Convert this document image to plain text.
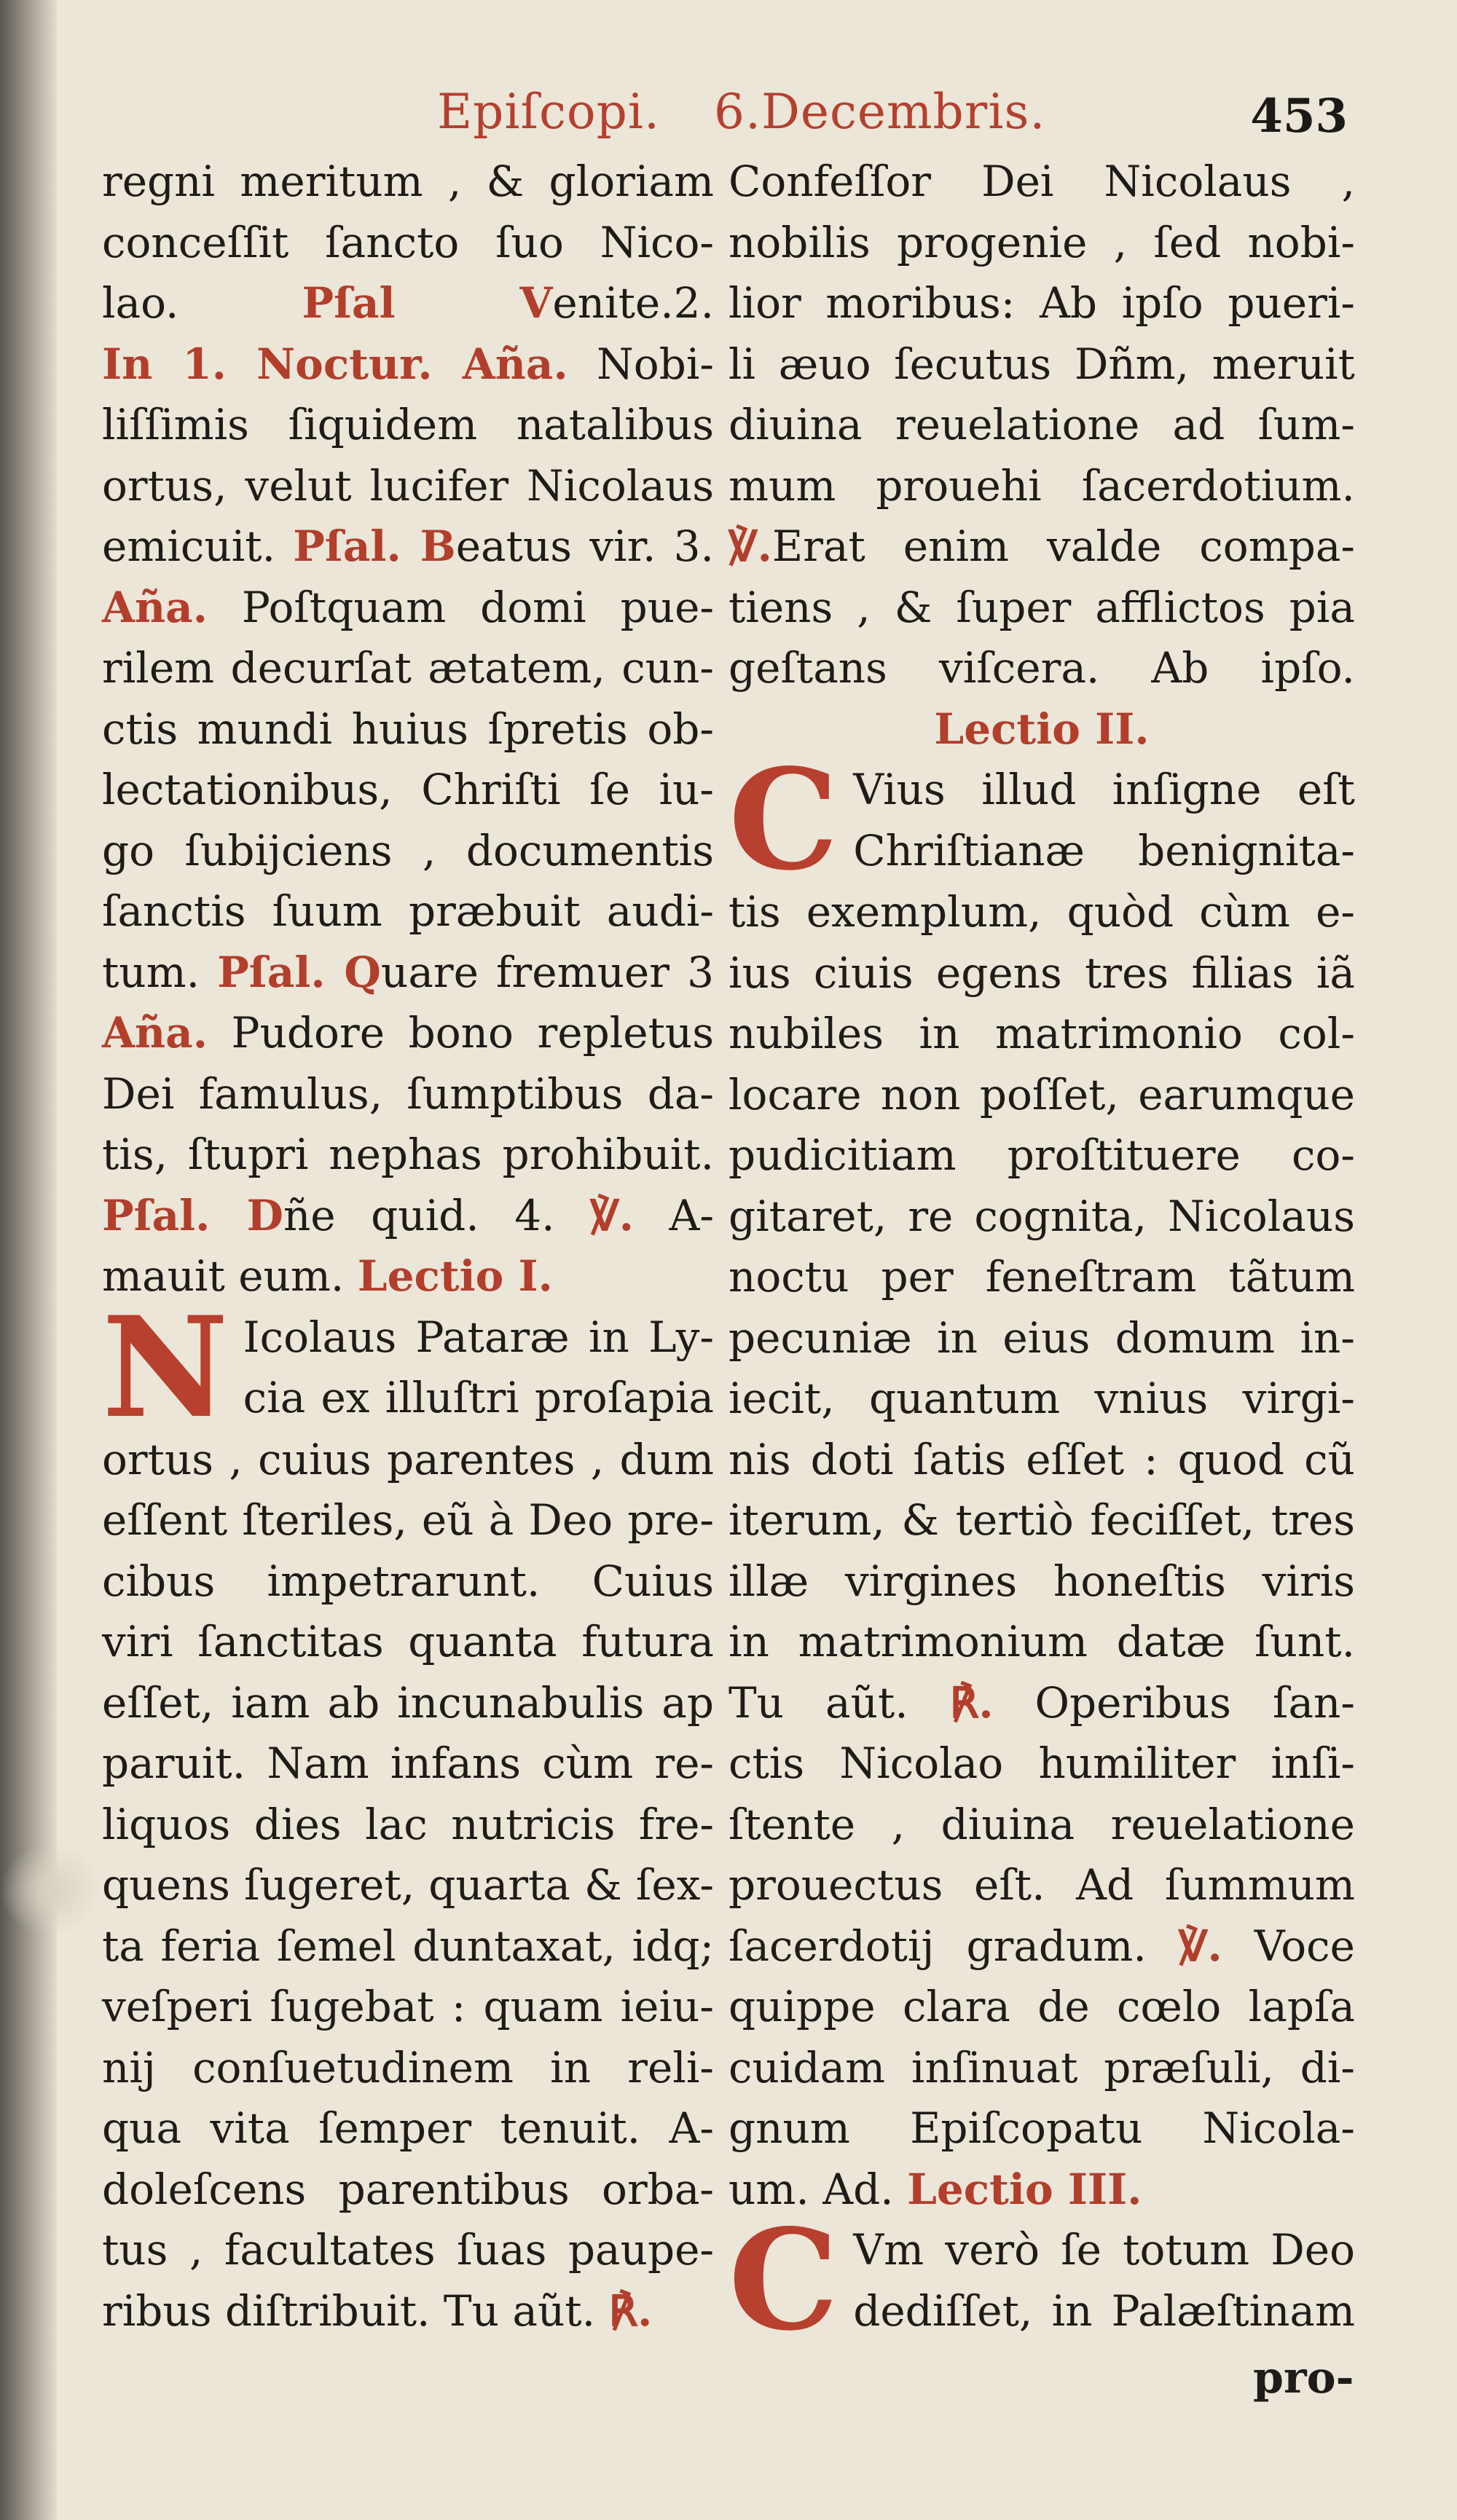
Epiſcopi. 6.Decembris.	453
regni meritum , & gloriam
conceſſit ſancto ſuo Nico-
lao. Pſal Venite.2.
In 1. Noctur. Aña. Nobi-
liſſimis ſiquidem natalibus
ortus, velut lucifer Nicolaus
emicuit. Pſal. Beatus vir. 3.
Aña. Poſtquam domi pue-
rilem decurſat ætatem, cun-
ctis mundi huius ſpretis ob-
lectationibus, Chriſti ſe iu-
go ſubijciens , documentis
ſanctis ſuum præbuit audi-
tum. Pſal. Quare fremuer 3
Aña. Pudore bono repletus
Dei famulus, ſumptibus da-
tis, ſtupri nephas prohibuit.
Pſal. Dñe quid. 4. ℣. A-
mauit eum. Lectio I.
N Icolaus Pataræ in Ly-
cia ex illuſtri proſapia
ortus , cuius parentes , dum
eſſent ſteriles, eũ à Deo pre-
cibus impetrarunt. Cuius
viri ſanctitas quanta futura
eſſet, iam ab incunabulis ap
paruit. Nam infans cùm re-
liquos dies lac nutricis fre-
quens ſugeret, quarta & ſex-
ta feria ſemel duntaxat, idq;
veſperi ſugebat : quam ieiu-
nij conſuetudinem in reli-
qua vita ſemper tenuit. A-
doleſcens parentibus orba-
tus , facultates ſuas paupe-
ribus diſtribuit. Tu aũt. ℟.
Confeſſor Dei Nicolaus ,
nobilis progenie , ſed nobi-
lior moribus: Ab ipſo pueri-
li æuo ſecutus Dñm, meruit
diuina reuelatione ad ſum-
mum prouehi ſacerdotium.
℣.Erat enim valde compa-
tiens , & ſuper afflictos pia
geſtans viſcera. Ab ipſo.
Lectio II.
C Vius illud inſigne eſt
Chriſtianæ benignita-
tis exemplum, quòd cùm e-
ius ciuis egens tres filias iã
nubiles in matrimonio col-
locare non poſſet, earumque
pudicitiam proſtituere co-
gitaret, re cognita, Nicolaus
noctu per feneſtram tãtum
pecuniæ in eius domum in-
iecit, quantum vnius virgi-
nis doti ſatis eſſet : quod cũ
iterum, & tertiò feciſſet, tres
illæ virgines honeſtis viris
in matrimonium datæ ſunt.
Tu aũt. ℟. Operibus ſan-
ctis Nicolao humiliter inſi-
ſtente , diuina reuelatione
prouectus eſt. Ad ſummum
ſacerdotij gradum. ℣. Voce
quippe clara de cœlo lapſa
cuidam inſinuat præſuli, di-
gnum Epiſcopatu Nicola-
um. Ad. Lectio III.
C Vm verò ſe totum Deo
dediſſet, in Palæſtinam
pro-
